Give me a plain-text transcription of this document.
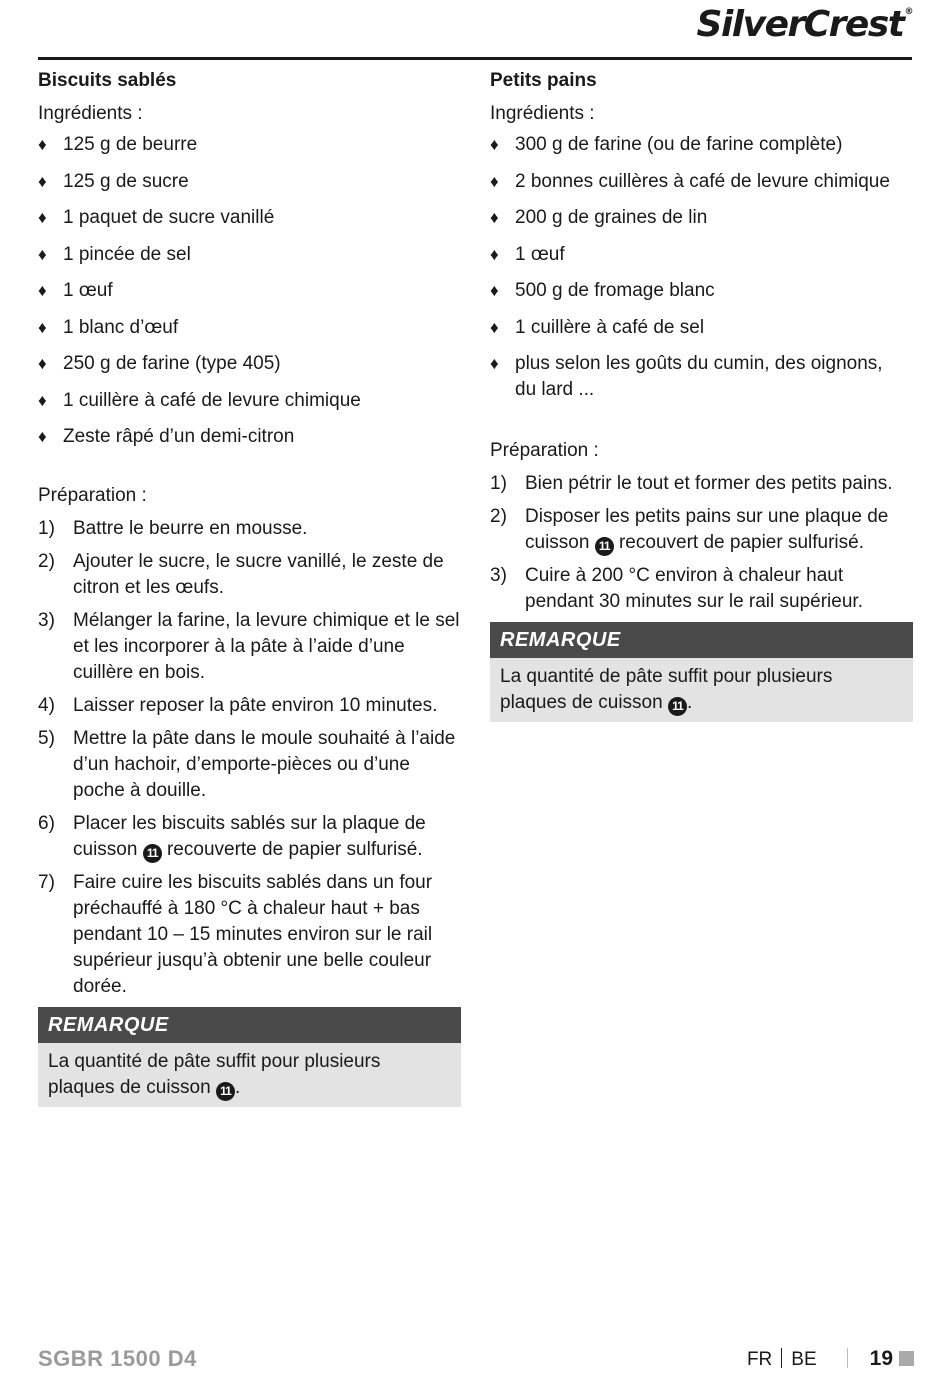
SilverCrest®
Biscuits sablés
Ingrédients :
♦ 125 g de beurre
♦ 125 g de sucre
♦ 1 paquet de sucre vanillé
♦ 1 pincée de sel
♦ 1 œuf
♦ 1 blanc d’œuf
♦ 250 g de farine (type 405)
♦ 1 cuillère à café de levure chimique
♦ Zeste râpé d’un demi-citron
Préparation :
1) Battre le beurre en mousse.
2) Ajouter le sucre, le sucre vanillé, le zeste de citron et les œufs.
3) Mélanger la farine, la levure chimique et le sel et les incorporer à la pâte à l’aide d’une cuillère en bois.
4) Laisser reposer la pâte environ 10 minutes.
5) Mettre la pâte dans le moule souhaité à l’aide d’un hachoir, d’emporte-pièces ou d’une poche à douille.
6) Placer les biscuits sablés sur la plaque de cuisson 11 recouverte de papier sulfurisé.
7) Faire cuire les biscuits sablés dans un four préchauffé à 180 °C à chaleur haut + bas pendant 10 – 15 minutes environ sur le rail supérieur jusqu’à obtenir une belle couleur dorée.
REMARQUE
La quantité de pâte suffit pour plusieurs plaques de cuisson 11 .
Petits pains
Ingrédients :
♦ 300 g de farine (ou de farine complète)
♦ 2 bonnes cuillères à café de levure chimique
♦ 200 g de graines de lin
♦ 1 œuf
♦ 500 g de fromage blanc
♦ 1 cuillère à café de sel
♦ plus selon les goûts du cumin, des oignons, du lard ...
Préparation :
1) Bien pétrir le tout et former des petits pains.
2) Disposer les petits pains sur une plaque de cuisson 11 recouvert de papier sulfurisé.
3) Cuire à 200 °C environ à chaleur haut pendant 30 minutes sur le rail supérieur.
REMARQUE
La quantité de pâte suffit pour plusieurs plaques de cuisson 11 .
SGBR 1500 D4	FR BE	19
